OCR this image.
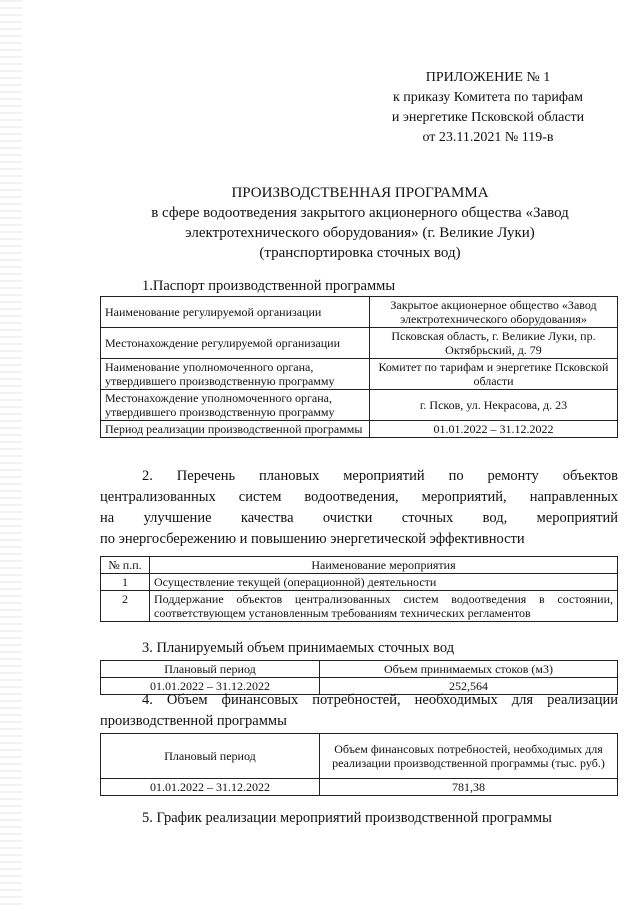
ПРИЛОЖЕНИЕ № 1
к приказу Комитета по тарифам
и энергетике Псковской области
от 23.11.2021 № 119-в
ПРОИЗВОДСТВЕННАЯ ПРОГРАММА
в сфере водоотведения закрытого акционерного общества «Завод
электротехнического оборудования» (г. Великие Луки)
(транспортировка сточных вод)
1.Паспорт производственной программы
Наименование регулируемой организации	Закрытое акционерное общество «Завод электротехнического оборудования»
Местонахождение регулируемой организации	Псковская область, г. Великие Луки, пр. Октябрьский, д. 79
Наименование уполномоченного органа, утвердившего производственную программу	Комитет по тарифам и энергетике Псковской области
Местонахождение уполномоченного органа, утвердившего производственную программу	г. Псков, ул. Некрасова, д. 23
Период реализации производственной программы	01.01.2022 – 31.12.2022
2. Перечень плановых мероприятий по ремонту объектов
централизованных систем водоотведения, мероприятий, направленных
на улучшение качества очистки сточных вод, мероприятий
по энергосбережению и повышению энергетической эффективности
№ п.п.	Наименование мероприятия
1	Осуществление текущей (операционной) деятельности
2	Поддержание объектов централизованных систем водоотведения в состоянии, соответствующем установленным требованиям технических регламентов
3. Планируемый объем принимаемых сточных вод
Плановый период	Объем принимаемых стоков (м3)
01.01.2022 – 31.12.2022	252,564
4. Объем финансовых потребностей, необходимых для реализации
производственной программы
Плановый период	Объем финансовых потребностей, необходимых для реализации производственной программы (тыс. руб.)
01.01.2022 – 31.12.2022	781,38
5. График реализации мероприятий производственной программы
